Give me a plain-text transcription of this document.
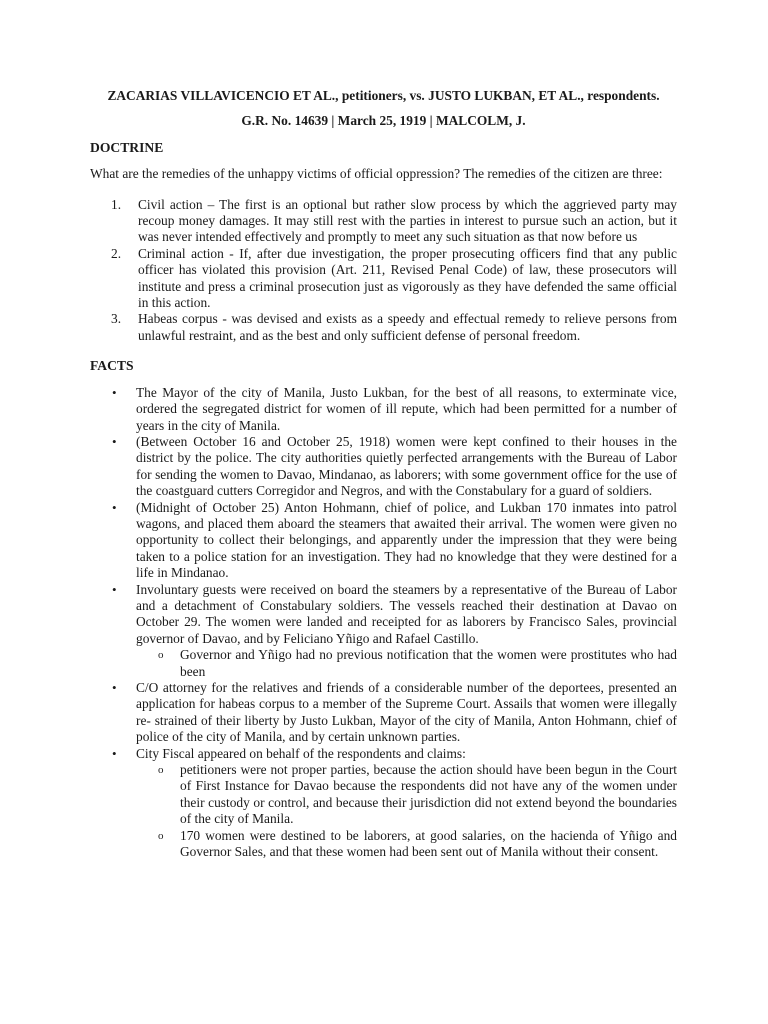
ZACARIAS VILLAVICENCIO ET AL., petitioners, vs. JUSTO LUKBAN, ET AL., respondents.

G.R. No. 14639 | March 25, 1919 | MALCOLM, J.

DOCTRINE

What are the remedies of the unhappy victims of official oppression? The remedies of the citizen are three:

1. Civil action – The first is an optional but rather slow process by which the aggrieved party may recoup money damages. It may still rest with the parties in interest to pursue such an action, but it was never intended effectively and promptly to meet any such situation as that now before us
2. Criminal action - If, after due investigation, the proper prosecuting officers find that any public officer has violated this provision (Art. 211, Revised Penal Code) of law, these prosecutors will institute and press a criminal prosecution just as vigorously as they have defended the same official in this action.
3. Habeas corpus - was devised and exists as a speedy and effectual remedy to relieve persons from unlawful restraint, and as the best and only sufficient defense of personal freedom.

FACTS

• The Mayor of the city of Manila, Justo Lukban, for the best of all reasons, to exterminate vice, ordered the segregated district for women of ill repute, which had been permitted for a number of years in the city of Manila.
• (Between October 16 and October 25, 1918) women were kept confined to their houses in the district by the police. The city authorities quietly perfected arrangements with the Bureau of Labor for sending the women to Davao, Mindanao, as laborers; with some government office for the use of the coastguard cutters Corregidor and Negros, and with the Constabulary for a guard of soldiers.
• (Midnight of October 25) Anton Hohmann, chief of police, and Lukban 170 inmates into patrol wagons, and placed them aboard the steamers that awaited their arrival. The women were given no opportunity to collect their belongings, and apparently under the impression that they were being taken to a police station for an investigation. They had no knowledge that they were destined for a life in Mindanao.
• Involuntary guests were received on board the steamers by a representative of the Bureau of Labor and a detachment of Constabulary soldiers. The vessels reached their destination at Davao on October 29. The women were landed and receipted for as laborers by Francisco Sales, provincial governor of Davao, and by Feliciano Yñigo and Rafael Castillo.
o Governor and Yñigo had no previous notification that the women were prostitutes who had been
• C/O attorney for the relatives and friends of a considerable number of the deportees, presented an application for habeas corpus to a member of the Supreme Court. Assails that women were illegally re- strained of their liberty by Justo Lukban, Mayor of the city of Manila, Anton Hohmann, chief of police of the city of Manila, and by certain unknown parties.
• City Fiscal appeared on behalf of the respondents and claims:
o petitioners were not proper parties, because the action should have been begun in the Court of First Instance for Davao because the respondents did not have any of the women under their custody or control, and because their jurisdiction did not extend beyond the boundaries of the city of Manila.
o 170 women were destined to be laborers, at good salaries, on the hacienda of Yñigo and Governor Sales, and that these women had been sent out of Manila without their consent.
